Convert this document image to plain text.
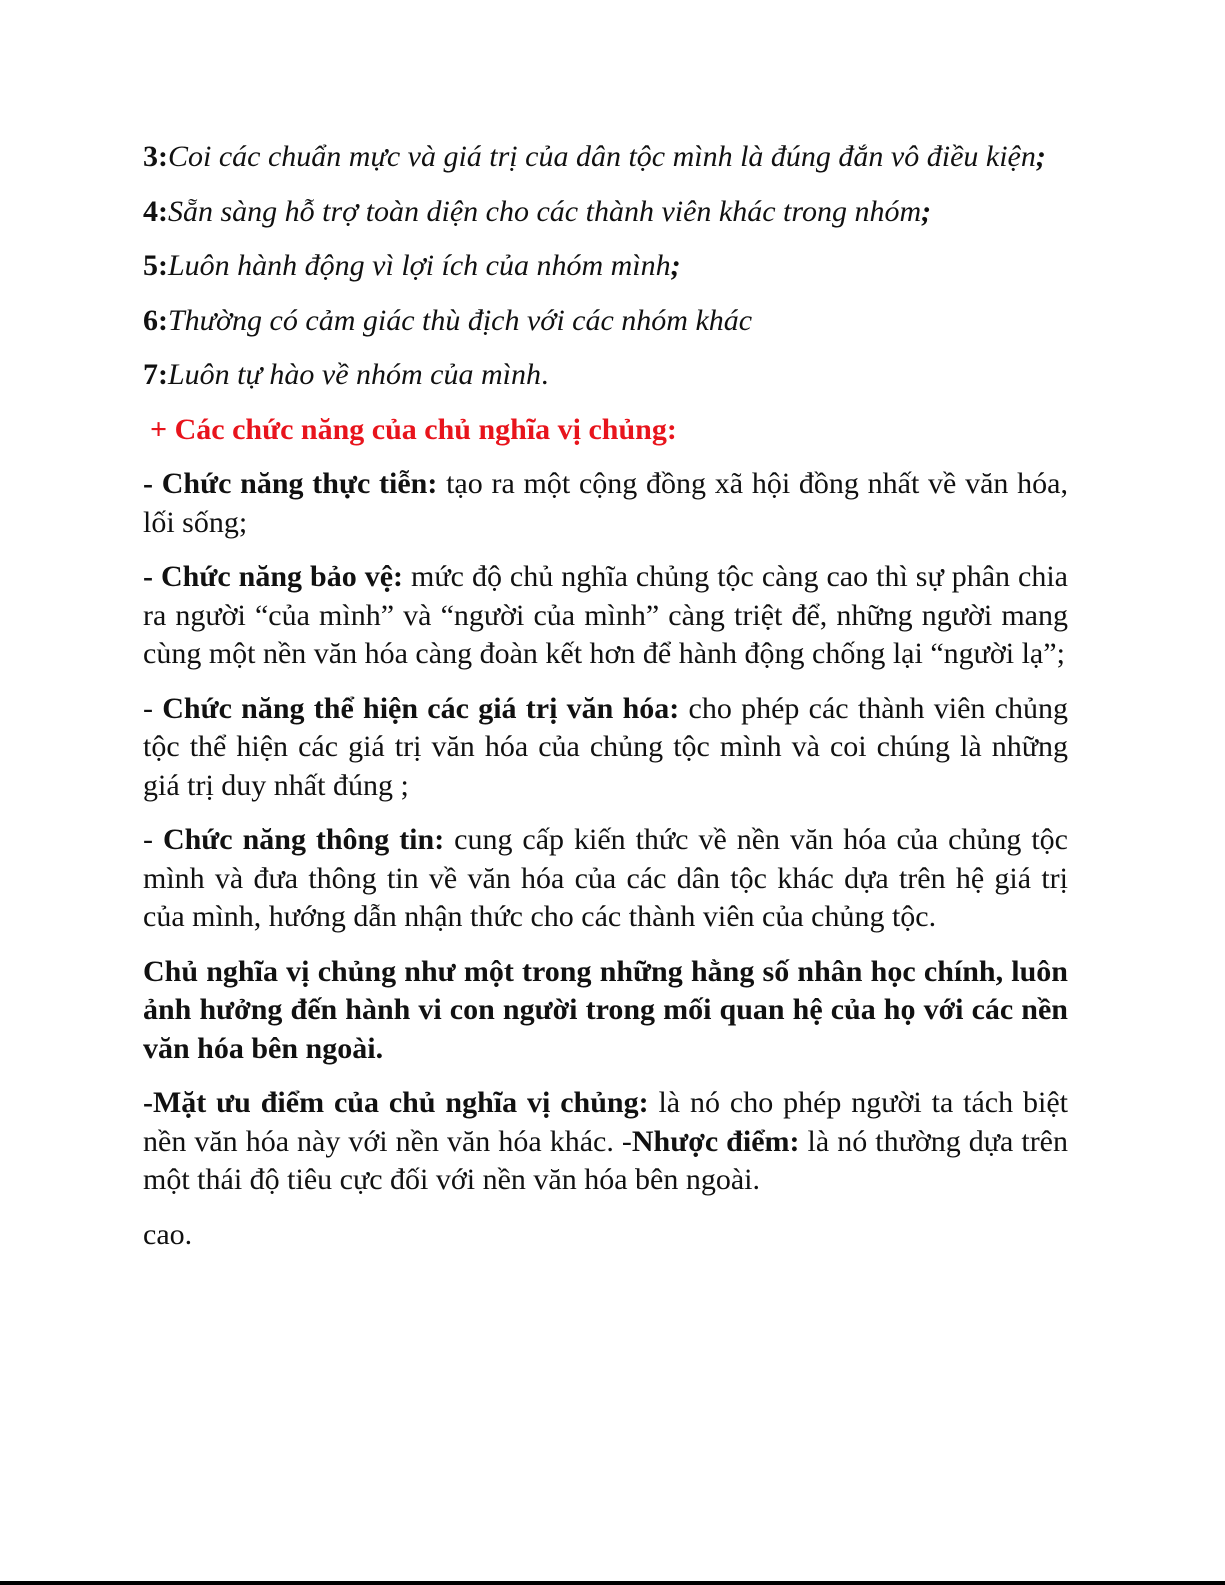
3:Coi các chuẩn mực và giá trị của dân tộc mình là đúng đắn vô điều kiện;

4:Sẵn sàng hỗ trợ toàn diện cho các thành viên khác trong nhóm;

5:Luôn hành động vì lợi ích của nhóm mình;

6:Thường có cảm giác thù địch với các nhóm khác

7:Luôn tự hào về nhóm của mình.

+ Các chức năng của chủ nghĩa vị chủng:

- Chức năng thực tiễn: tạo ra một cộng đồng xã hội đồng nhất về văn hóa, lối sống;

- Chức năng bảo vệ: mức độ chủ nghĩa chủng tộc càng cao thì sự phân chia ra người “của mình” và “người của mình” càng triệt để, những người mang cùng một nền văn hóa càng đoàn kết hơn để hành động chống lại “người lạ”;

- Chức năng thể hiện các giá trị văn hóa: cho phép các thành viên chủng tộc thể hiện các giá trị văn hóa của chủng tộc mình và coi chúng là những giá trị duy nhất đúng ;

- Chức năng thông tin: cung cấp kiến thức về nền văn hóa của chủng tộc mình và đưa thông tin về văn hóa của các dân tộc khác dựa trên hệ giá trị của mình, hướng dẫn nhận thức cho các thành viên của chủng tộc.

Chủ nghĩa vị chủng như một trong những hằng số nhân học chính, luôn ảnh hưởng đến hành vi con người trong mối quan hệ của họ với các nền văn hóa bên ngoài.

-Mặt ưu điểm của chủ nghĩa vị chủng: là nó cho phép người ta tách biệt nền văn hóa này với nền văn hóa khác. -Nhược điểm: là nó thường dựa trên một thái độ tiêu cực đối với nền văn hóa bên ngoài.

cao.
